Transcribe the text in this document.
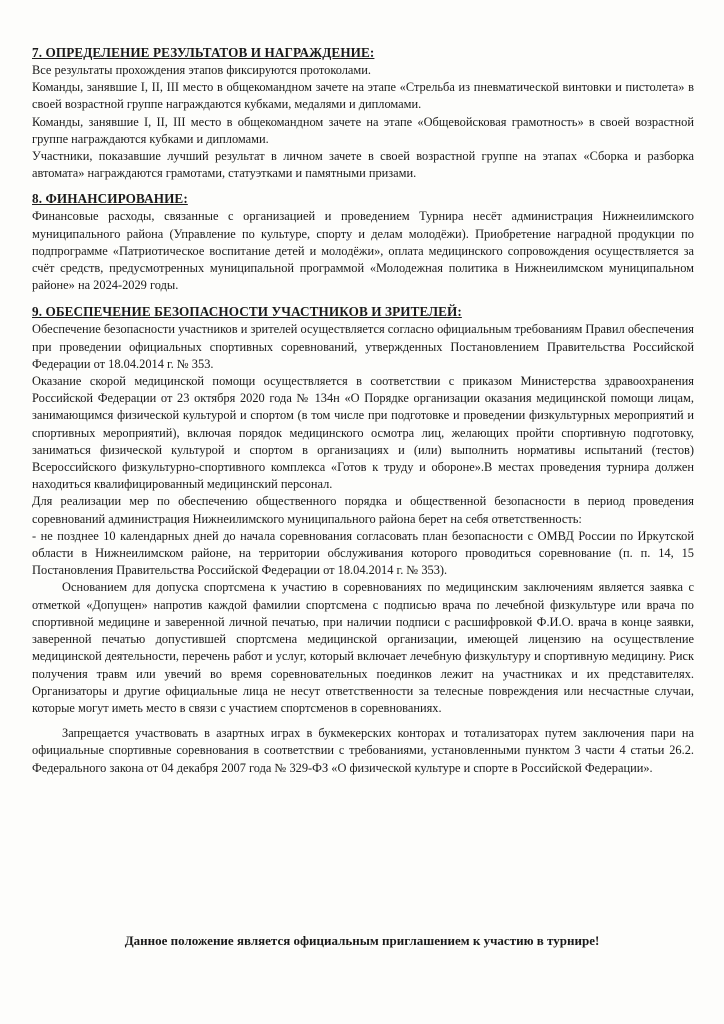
7. ОПРЕДЕЛЕНИЕ РЕЗУЛЬТАТОВ И НАГРАЖДЕНИЕ:
Все результаты прохождения этапов фиксируются протоколами.
Команды, занявшие I, II, III место в общекомандном зачете на этапе «Стрельба из пневматической винтовки и пистолета» в своей возрастной группе награждаются кубками, медалями и дипломами.
Команды, занявшие I, II, III место в общекомандном зачете на этапе «Общевойсковая грамотность» в своей возрастной группе награждаются кубками и дипломами.
Участники, показавшие лучший результат в личном зачете в своей возрастной группе на этапах «Сборка и разборка автомата» награждаются грамотами, статуэтками и памятными призами.
8. ФИНАНСИРОВАНИЕ:
Финансовые расходы, связанные с организацией и проведением Турнира несёт администрация Нижнеилимского муниципального района (Управление по культуре, спорту и делам молодёжи). Приобретение наградной продукции по подпрограмме «Патриотическое воспитание детей и молодёжи», оплата медицинского сопровождения осуществляется за счёт средств, предусмотренных муниципальной программой «Молодежная политика в Нижнеилимском муниципальном районе» на 2024-2029 годы.
9. ОБЕСПЕЧЕНИЕ БЕЗОПАСНОСТИ УЧАСТНИКОВ И ЗРИТЕЛЕЙ:
Обеспечение безопасности участников и зрителей осуществляется согласно официальным требованиям Правил обеспечения при проведении официальных спортивных соревнований, утвержденных Постановлением Правительства Российской Федерации от 18.04.2014 г. № 353.
Оказание скорой медицинской помощи осуществляется в соответствии с приказом Министерства здравоохранения Российской Федерации от 23 октября 2020 года № 134н «О Порядке организации оказания медицинской помощи лицам, занимающимся физической культурой и спортом (в том числе при подготовке и проведении физкультурных мероприятий и спортивных мероприятий), включая порядок медицинского осмотра лиц, желающих пройти спортивную подготовку, заниматься физической культурой и спортом в организациях и (или) выполнить нормативы испытаний (тестов) Всероссийского физкультурно-спортивного комплекса «Готов к труду и обороне».В местах проведения турнира должен находиться квалифицированный медицинский персонал.
Для реализации мер по обеспечению общественного порядка и общественной безопасности в период проведения соревнований администрация Нижнеилимского муниципального района берет на себя ответственность:
- не позднее 10 календарных дней до начала соревнования согласовать план безопасности с ОМВД России по Иркутской области в Нижнеилимском районе, на территории обслуживания которого проводиться соревнование (п. п. 14, 15 Постановления Правительства Российской Федерации от 18.04.2014 г. № 353).
Основанием для допуска спортсмена к участию в соревнованиях по медицинским заключениям является заявка с отметкой «Допущен» напротив каждой фамилии спортсмена с подписью врача по лечебной физкультуре или врача по спортивной медицине и заверенной личной печатью, при наличии подписи с расшифровкой Ф.И.О. врача в конце заявки, заверенной печатью допустившей спортсмена медицинской организации, имеющей лицензию на осуществление медицинской деятельности, перечень работ и услуг, который включает лечебную физкультуру и спортивную медицину. Риск получения травм или увечий во время соревновательных поединков лежит на участниках и их представителях. Организаторы и другие официальные лица не несут ответственности за телесные повреждения или несчастные случаи, которые могут иметь место в связи с участием спортсменов в соревнованиях.
Запрещается участвовать в азартных играх в букмекерских конторах и тотализаторах путем заключения пари на официальные спортивные соревнования в соответствии с требованиями, установленными пунктом 3 части 4 статьи 26.2. Федерального закона от 04 декабря 2007 года № 329-ФЗ «О физической культуре и спорте в Российской Федерации».
Данное положение является официальным приглашением к участию в турнире!
